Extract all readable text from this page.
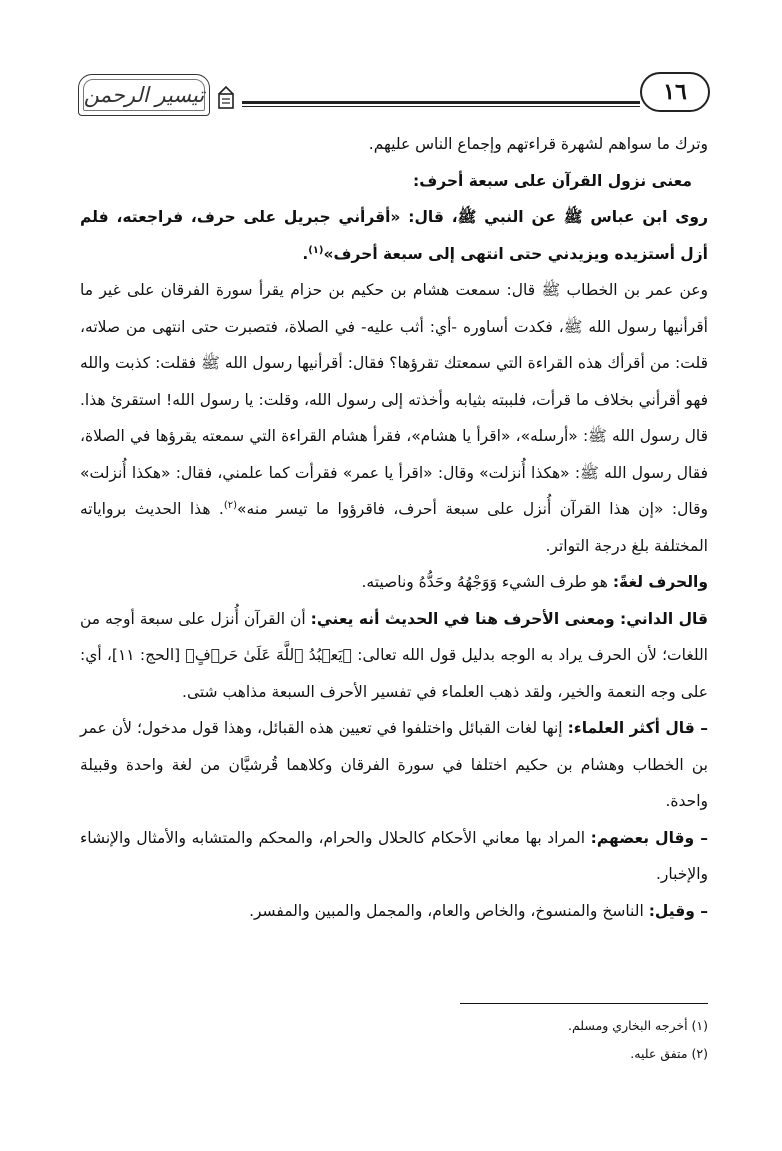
تيسير الرحمن	١٦

وترك ما سواهم لشهرة قراءتهم وإجماع الناس عليهم.

معنى نزول القرآن على سبعة أحرف:

روى ابن عباس ﷺ عن النبي ﷺ، قال: «أقرأني جبريل على حرف، فراجعته، فلم أزل أستزيده ويزيدني حتى انتهى إلى سبعة أحرف»$^{(١)}$.

وعن عمر بن الخطاب ﷺ قال: سمعت هشام بن حكيم بن حزام يقرأ سورة الفرقان على غير ما أقرأنيها رسول الله ﷺ، فكدت أساوره -أي: أثب عليه- في الصلاة، فتصبرت حتى انتهى من صلاته، قلت: من أقرأك هذه القراءة التي سمعتك تقرؤها؟ فقال: أقرأنيها رسول الله ﷺ فقلت: كذبت والله فهو أقرأني بخلاف ما قرأت، فلببته بثيابه وأخذته إلى رسول الله، وقلت: يا رسول الله! استقرئ هذا. قال رسول الله ﷺ: «أرسله»، «اقرأ يا هشام»، فقرأ هشام القراءة التي سمعته يقرؤها في الصلاة، فقال رسول الله ﷺ: «هكذا أُنزلت» وقال: «اقرأ يا عمر» فقرأت كما علمني، فقال: «هكذا أُنزلت» وقال: «إن هذا القرآن أُنزل على سبعة أحرف، فاقرؤوا ما تيسر منه»$^{(٢)}$. هذا الحديث برواياته المختلفة بلغ درجة التواتر.

والحرف لغةً: هو طرف الشيء وَوَجْهُهُ وحَدُّهُ وناصيته.

قال الداني: ومعنى الأحرف هنا في الحديث أنه يعني: أن القرآن أُنزل على سبعة أوجه من اللغات؛ لأن الحرف يراد به الوجه بدليل قول الله تعالى: ﴿يَعۡبُدُ ٱللَّهَ عَلَىٰ حَرۡفٍ﴾ [الحج: ١١]، أي: على وجه النعمة والخير، ولقد ذهب العلماء في تفسير الأحرف السبعة مذاهب شتى.

– قال أكثر العلماء: إنها لغات القبائل واختلفوا في تعيين هذه القبائل، وهذا قول مدخول؛ لأن عمر بن الخطاب وهشام بن حكيم اختلفا في سورة الفرقان وكلاهما قُرشيَّان من لغة واحدة وقبيلة واحدة.

– وقال بعضهم: المراد بها معاني الأحكام كالحلال والحرام، والمحكم والمتشابه والأمثال والإنشاء والإخبار.

– وقيل: الناسخ والمنسوخ، والخاص والعام، والمجمل والمبين والمفسر.

(١) أخرجه البخاري ومسلم.

(٢) متفق عليه.
